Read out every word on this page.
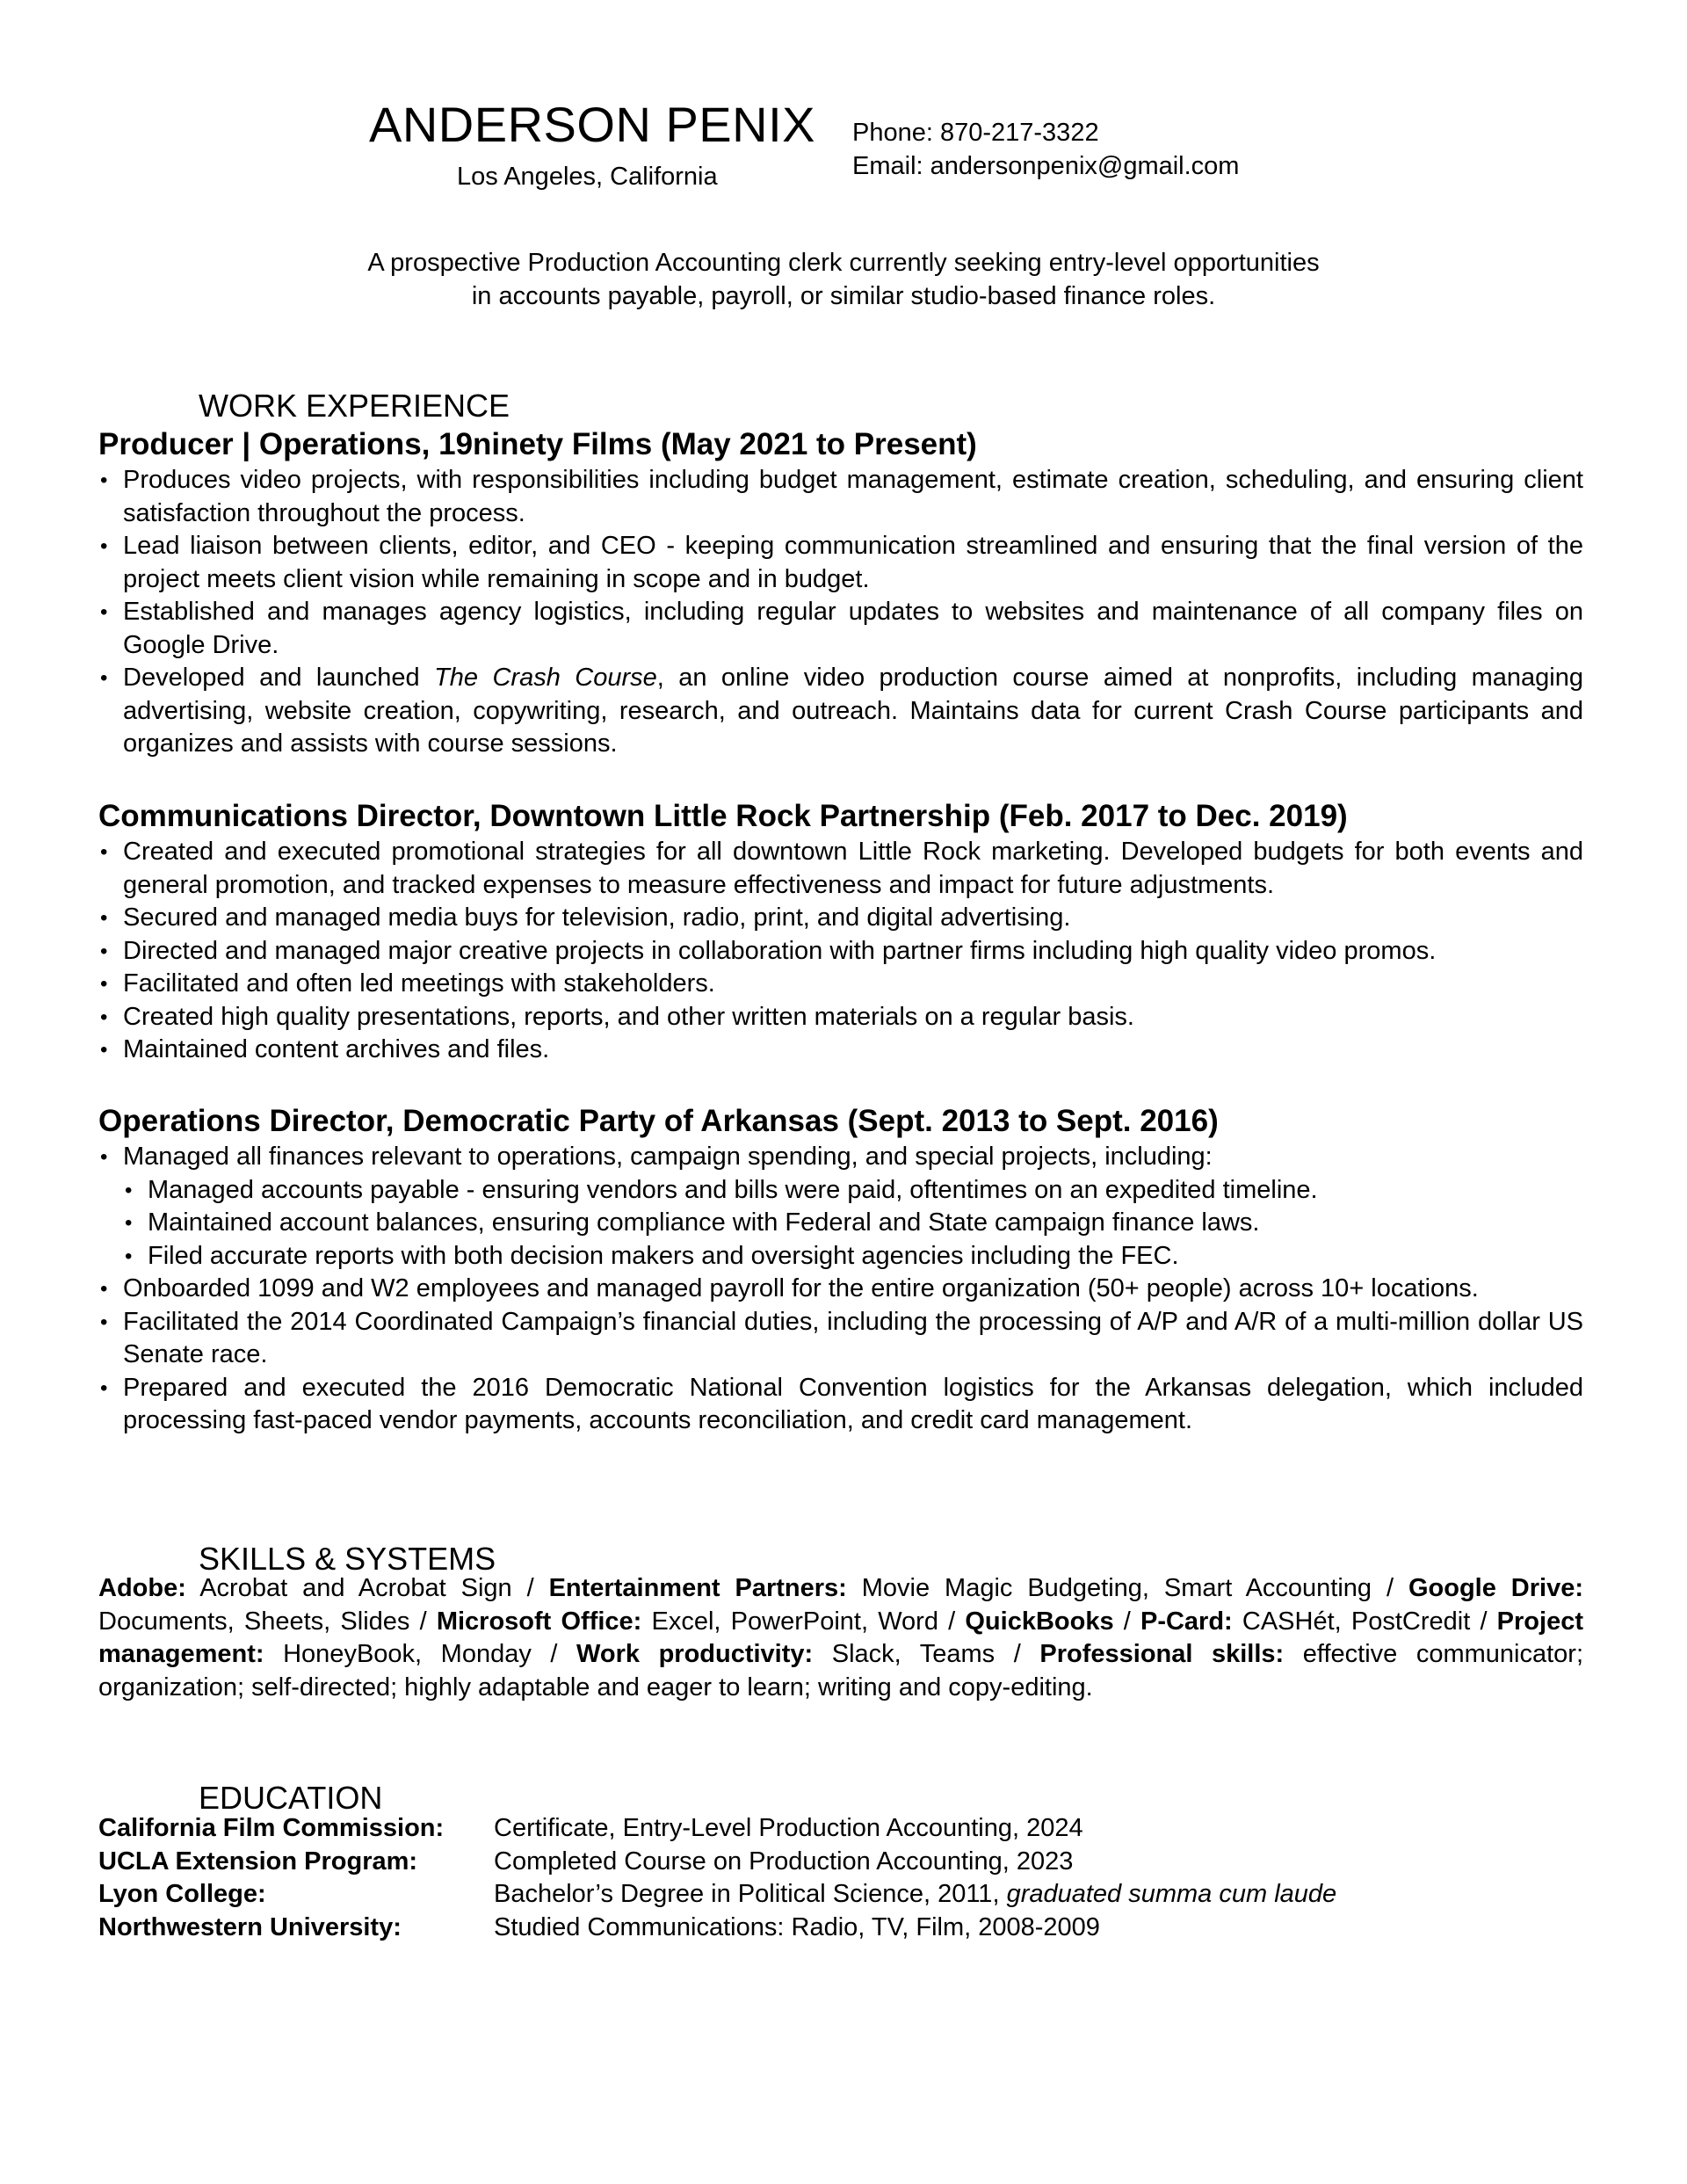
ANDERSON PENIX
Los Angeles, California
Phone: 870-217-3322
Email: andersonpenix@gmail.com
A prospective Production Accounting clerk currently seeking entry-level opportunities
in accounts payable, payroll, or similar studio-based finance roles.
WORK EXPERIENCE
Producer | Operations, 19ninety Films (May 2021 to Present)
• Produces video projects, with responsibilities including budget management, estimate creation, scheduling, and ensuring client satisfaction throughout the process.
• Lead liaison between clients, editor, and CEO - keeping communication streamlined and ensuring that the final version of the project meets client vision while remaining in scope and in budget.
• Established and manages agency logistics, including regular updates to websites and maintenance of all company files on Google Drive.
• Developed and launched The Crash Course, an online video production course aimed at nonprofits, including managing advertising, website creation, copywriting, research, and outreach. Maintains data for current Crash Course participants and organizes and assists with course sessions.
Communications Director, Downtown Little Rock Partnership (Feb. 2017 to Dec. 2019)
• Created and executed promotional strategies for all downtown Little Rock marketing. Developed budgets for both events and general promotion, and tracked expenses to measure effectiveness and impact for future adjustments.
• Secured and managed media buys for television, radio, print, and digital advertising.
• Directed and managed major creative projects in collaboration with partner firms including high quality video promos.
• Facilitated and often led meetings with stakeholders.
• Created high quality presentations, reports, and other written materials on a regular basis.
• Maintained content archives and files.
Operations Director, Democratic Party of Arkansas (Sept. 2013 to Sept. 2016)
• Managed all finances relevant to operations, campaign spending, and special projects, including:
• Managed accounts payable - ensuring vendors and bills were paid, oftentimes on an expedited timeline.
• Maintained account balances, ensuring compliance with Federal and State campaign finance laws.
• Filed accurate reports with both decision makers and oversight agencies including the FEC.
• Onboarded 1099 and W2 employees and managed payroll for the entire organization (50+ people) across 10+ locations.
• Facilitated the 2014 Coordinated Campaign’s financial duties, including the processing of A/P and A/R of a multi-million dollar US Senate race.
• Prepared and executed the 2016 Democratic National Convention logistics for the Arkansas delegation, which included processing fast-paced vendor payments, accounts reconciliation, and credit card management.
SKILLS & SYSTEMS
Adobe: Acrobat and Acrobat Sign / Entertainment Partners: Movie Magic Budgeting, Smart Accounting / Google Drive: Documents, Sheets, Slides / Microsoft Office: Excel, PowerPoint, Word / QuickBooks / P-Card: CASHét, PostCredit / Project management: HoneyBook, Monday / Work productivity: Slack, Teams / Professional skills: effective communicator; organization; self-directed; highly adaptable and eager to learn; writing and copy-editing.
EDUCATION
California Film Commission: Certificate, Entry-Level Production Accounting, 2024
UCLA Extension Program:	Completed Course on Production Accounting, 2023
Lyon College:	Bachelor’s Degree in Political Science, 2011, graduated summa cum laude
Northwestern University:	Studied Communications: Radio, TV, Film, 2008-2009
